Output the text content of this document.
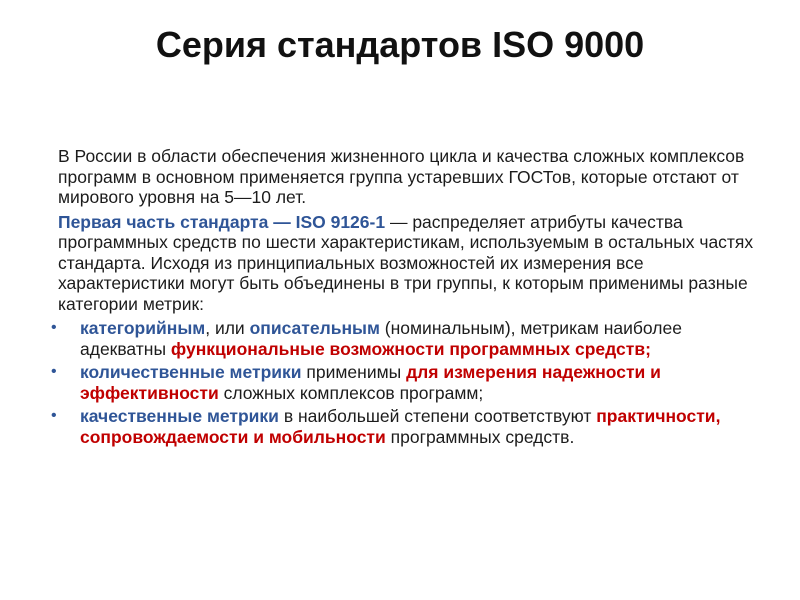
Серия стандартов ISO 9000

В России в области обеспечения жизненного цикла и качества сложных комплексов программ в основном применяется группа устаревших ГОСТов, которые отстают от мирового уровня на 5—10 лет.

Первая часть стандарта — ISO 9126-1 — распределяет атрибуты качества программных средств по шести характеристикам, используемым в остальных частях стандарта. Исходя из принципиальных возможностей их измерения все характеристики могут быть объединены в три группы, к которым применимы разные категории метрик:

• категорийным, или описательным (номинальным), метрикам наиболее адекватны функциональные возможности программных средств;
• количественные метрики применимы для измерения надежности и эффективности сложных комплексов программ;
• качественные метрики в наибольшей степени соответствуют практичности, сопровождаемости и мобильности программных средств.
